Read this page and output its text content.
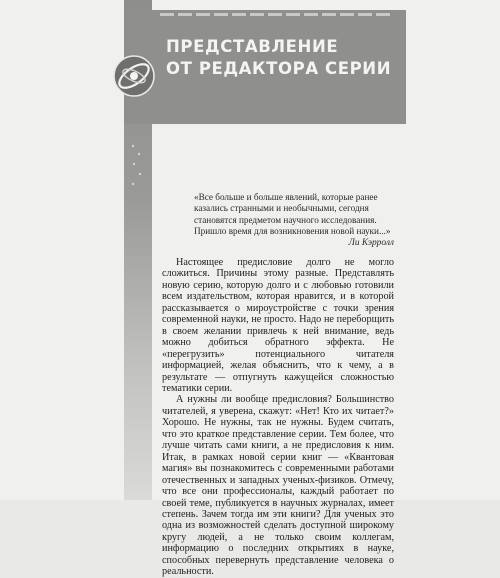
ПРЕДСТАВЛЕНИЕ
ОТ РЕДАКТОРА СЕРИИ
«Все больше и больше явлений, которые ранее казались странными и необычными, сегодня становятся предметом научного исследования. Пришло время для возникновения новой науки...»
Ли Кэрролл

Настоящее предисловие долго не могло сложиться. Причины этому разные. Представлять новую серию, которую долго и с любовью готовили всем издательством, которая нравится, и в которой рассказывается о мироустройстве с точки зрения современной науки, не просто. Надо не переборщить в своем желании привлечь к ней внимание, ведь можно добиться обратного эффекта. Не «перегрузить» потенциального читателя информацией, желая объяснить, что к чему, а в результате — отпугнуть кажущейся сложностью тематики серии.

А нужны ли вообще предисловия? Большинство читателей, я уверена, скажут: «Нет! Кто их читает?» Хорошо. Не нужны, так не нужны. Будем считать, что это краткое представление серии. Тем более, что лучше читать сами книги, а не предисловия к ним. Итак, в рамках новой серии книг — «Квантовая магия» вы познакомитесь с современными работами отечественных и западных ученых-физиков. Отмечу, что все они профессионалы, каждый работает по своей теме, публикуется в научных журналах, имеет степень. Зачем тогда им эти книги? Для ученых это одна из возможностей сделать доступной широкому кругу людей, а не только своим коллегам, информацию о последних открытиях в науке, способных перевернуть представление человека о реальности.
